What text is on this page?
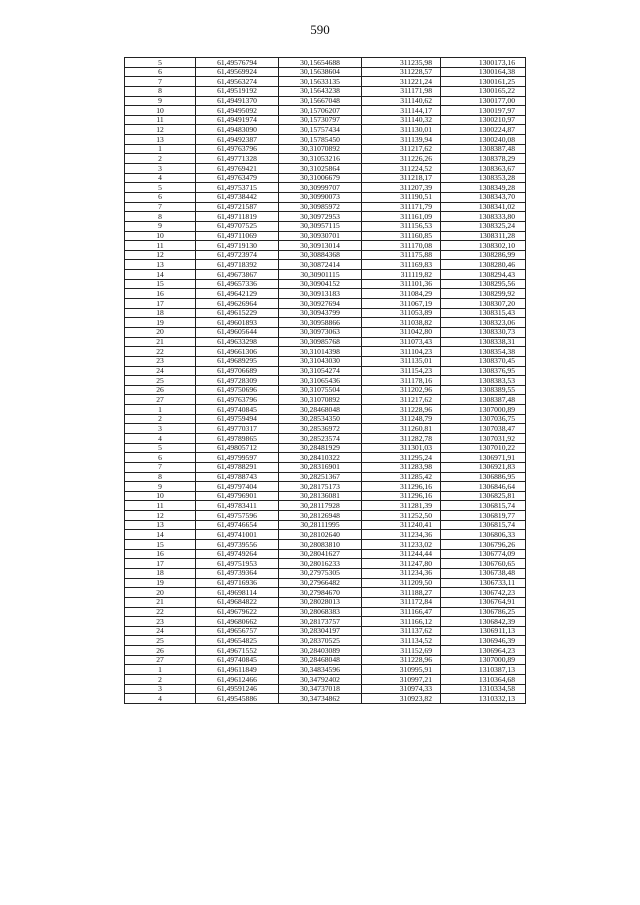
590
5	61,49576794	30,15654688	311235,98	1300173,16
6	61,49569924	30,15638604	311228,57	1300164,38
7	61,49563274	30,15633135	311221,24	1300161,25
8	61,49519192	30,15643238	311171,98	1300165,22
9	61,49491370	30,15667048	311140,62	1300177,00
10	61,49495092	30,15706207	311144,17	1300197,97
11	61,49491974	30,15730797	311140,32	1300210,97
12	61,49483090	30,15757434	311130,01	1300224,87
13	61,49492387	30,15785450	311139,94	1300240,08
1	61,49763796	30,31070892	311217,62	1308387,48
2	61,49771328	30,31053216	311226,26	1308378,29
3	61,49769421	30,31025864	311224,52	1308363,67
4	61,49763479	30,31006679	311218,17	1308353,28
5	61,49753715	30,30999707	311207,39	1308349,28
6	61,49738442	30,30990073	311190,51	1308343,70
7	61,49721587	30,30985972	311171,79	1308341,02
8	61,49711819	30,30972953	311161,09	1308333,80
9	61,49707525	30,30957115	311156,53	1308325,24
10	61,49711069	30,30930701	311160,85	1308311,28
11	61,49719130	30,30913014	311170,08	1308302,10
12	61,49723974	30,30884368	311175,88	1308286,99
13	61,49718392	30,30872414	311169,83	1308280,46
14	61,49673867	30,30901115	311119,82	1308294,43
15	61,49657336	30,30904152	311101,36	1308295,56
16	61,49642129	30,30913183	311084,29	1308299,92
17	61,49626964	30,30927694	311067,19	1308307,20
18	61,49615229	30,30943799	311053,89	1308315,43
19	61,49601893	30,30958866	311038,82	1308323,06
20	61,49605644	30,30973063	311042,80	1308330,73
21	61,49633298	30,30985768	311073,43	1308338,31
22	61,49661306	30,31014398	311104,23	1308354,38
23	61,49689295	30,31043030	311135,01	1308370,45
24	61,49706689	30,31054274	311154,23	1308376,95
25	61,49728309	30,31065436	311178,16	1308383,53
26	61,49750696	30,31075504	311202,96	1308389,55
27	61,49763796	30,31070892	311217,62	1308387,48
1	61,49740845	30,28468048	311228,96	1307000,89
2	61,49759494	30,28534350	311248,79	1307036,75
3	61,49770317	30,28536972	311260,81	1307038,47
4	61,49789865	30,28523574	311282,78	1307031,92
5	61,49805712	30,28481929	311301,03	1307010,22
6	61,49799597	30,28410322	311295,24	1306971,91
7	61,49788291	30,28316901	311283,98	1306921,83
8	61,49788743	30,28251367	311285,42	1306886,95
9	61,49797404	30,28175173	311296,16	1306846,64
10	61,49796901	30,28136081	311296,16	1306825,81
11	61,49783411	30,28117928	311281,39	1306815,74
12	61,49757596	30,28126948	311252,50	1306819,77
13	61,49746654	30,28111995	311240,41	1306815,74
14	61,49741001	30,28102640	311234,36	1306806,33
15	61,49739556	30,28083810	311233,02	1306796,26
16	61,49749264	30,28041627	311244,44	1306774,09
17	61,49751953	30,28016233	311247,80	1306760,65
18	61,49739364	30,27975305	311234,36	1306738,48
19	61,49716936	30,27966482	311209,50	1306733,11
20	61,49698114	30,27984670	311188,27	1306742,23
21	61,49684822	30,28028013	311172,84	1306764,91
22	61,49679622	30,28068383	311166,47	1306786,25
23	61,49680662	30,28173757	311166,12	1306842,39
24	61,49656757	30,28304197	311137,62	1306911,13
25	61,49654825	30,28370525	311134,52	1306946,39
26	61,49671552	30,28403089	311152,69	1306964,23
27	61,49740845	30,28468048	311228,96	1307000,89
1	61,49611849	30,34834596	310995,91	1310387,13
2	61,49612466	30,34792402	310997,21	1310364,68
3	61,49591246	30,34737018	310974,33	1310334,58
4	61,49545886	30,34734862	310923,82	1310332,13
